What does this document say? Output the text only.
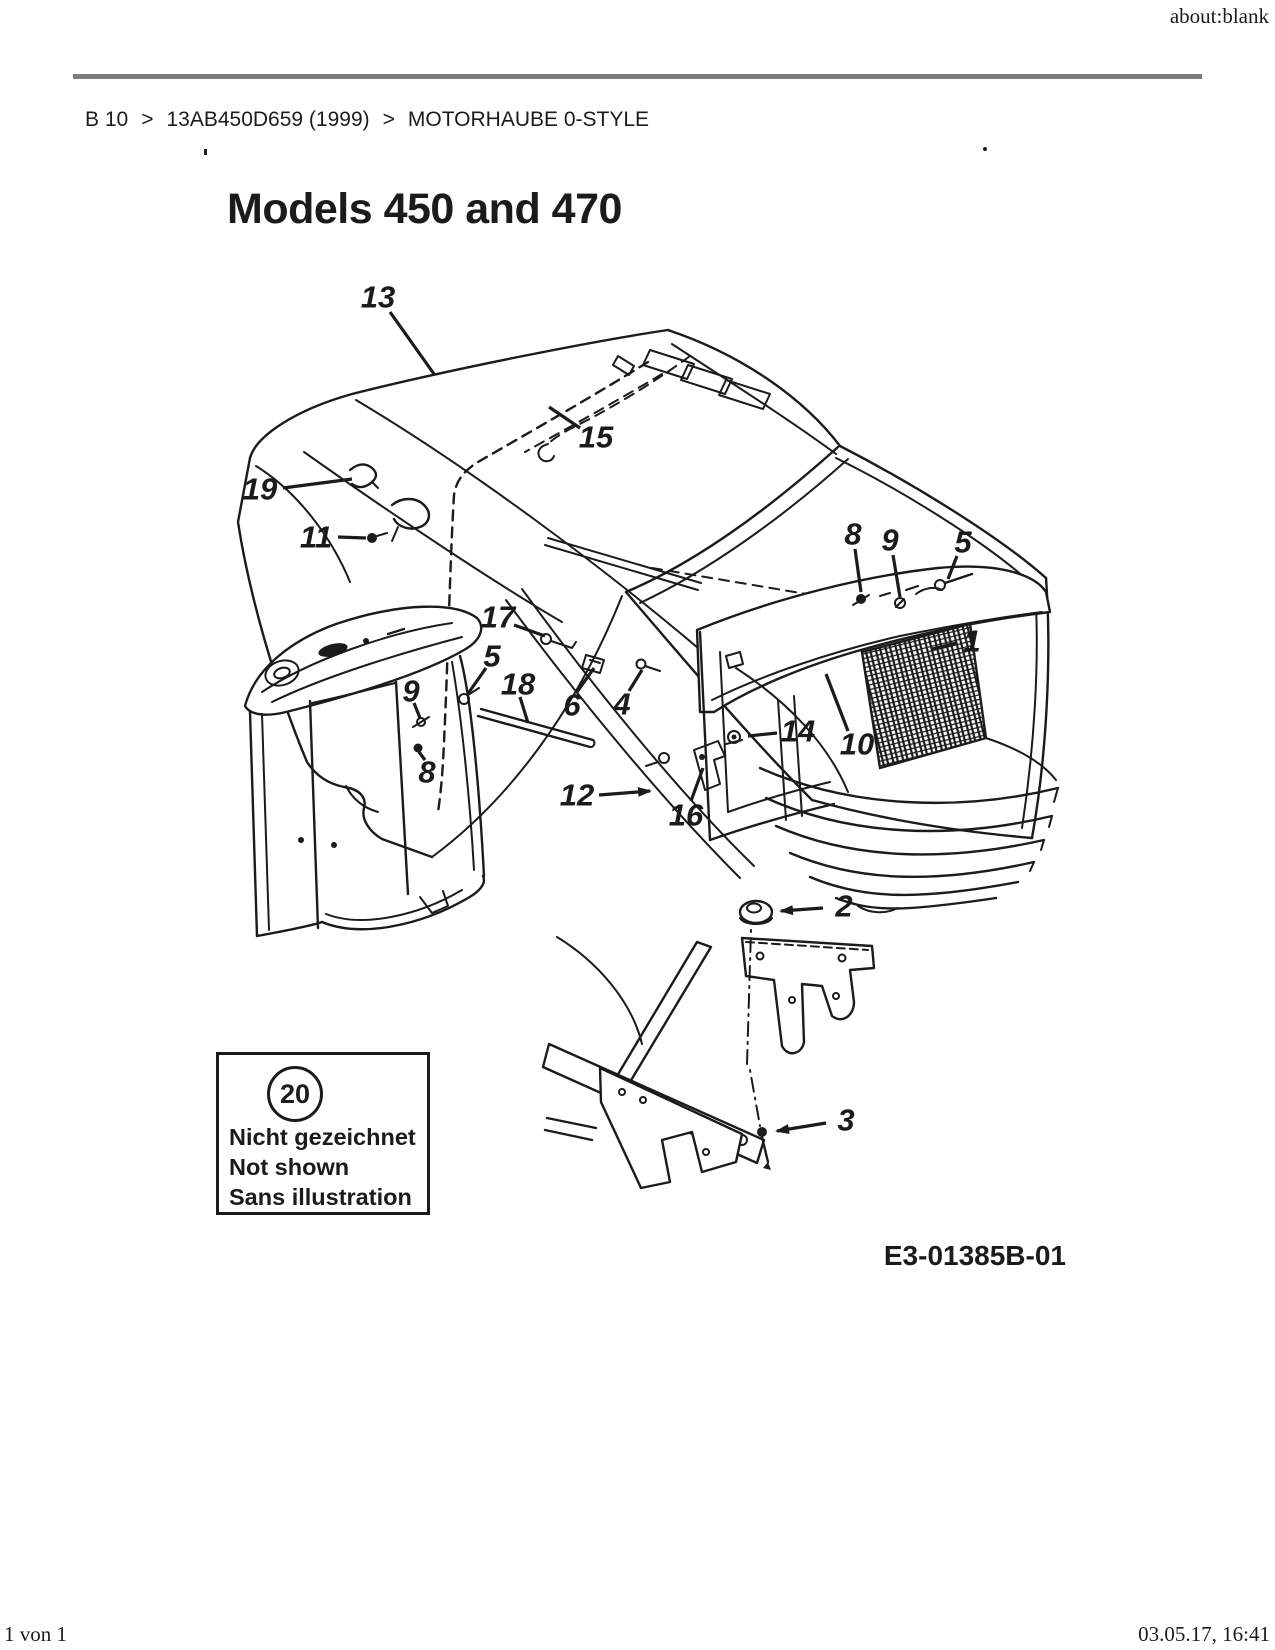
about:blank
B 10 > 13AB450D659 (1999) > MOTORHAUBE 0-STYLE
Models 450 and 470
13
15
19
11
17
8 9 5
1
5
18
9	6 4
14 10
8
12
16
2
3
20
Nicht gezeichnet
Not shown
Sans illustration
E3-01385B-01
1 von 1	03.05.17, 16:41
